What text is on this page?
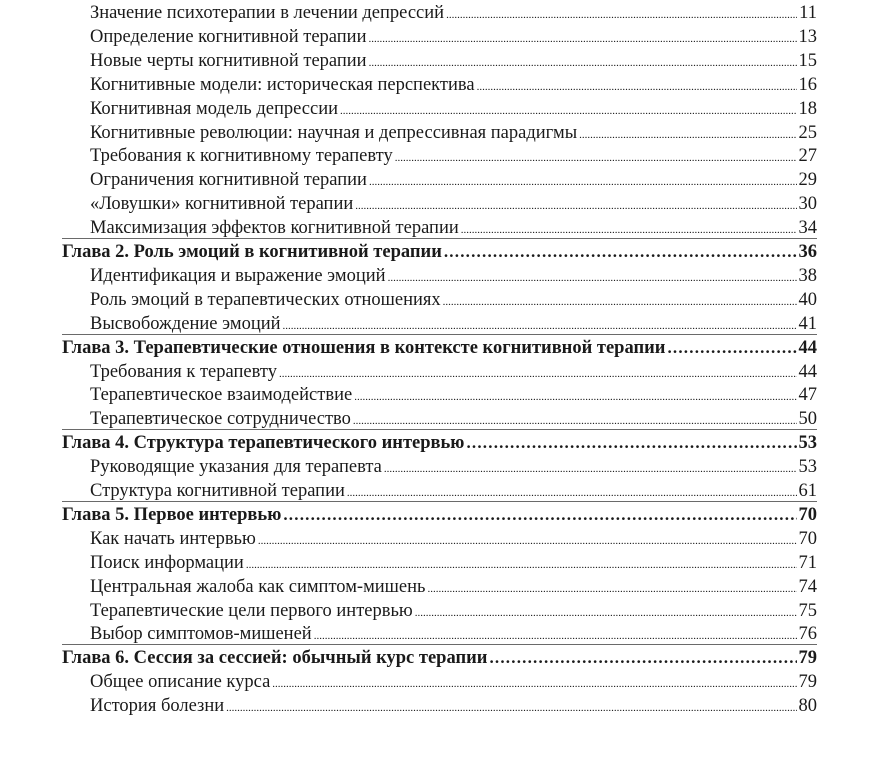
Значение психотерапии в лечении депрессий .....	11
Определение когнитивной терапии .....	13
Новые черты когнитивной терапии .....	15
Когнитивные модели: историческая перспектива .....	16
Когнитивная модель депрессии .....	18
Когнитивные революции: научная и депрессивная парадигмы .....	25
Требования к когнитивному терапевту .....	27
Ограничения когнитивной терапии .....	29
«Ловушки» когнитивной терапии .....	30
Максимизация эффектов когнитивной терапии .....	34
Глава 2. Роль эмоций в когнитивной терапии .....	36
Идентификация и выражение эмоций .....	38
Роль эмоций в терапевтических отношениях .....	40
Высвобождение эмоций .....	41
Глава 3. Терапевтические отношения в контексте когнитивной терапии .....	44
Требования к терапевту .....	44
Терапевтическое взаимодействие .....	47
Терапевтическое сотрудничество .....	50
Глава 4. Структура терапевтического интервью .....	53
Руководящие указания для терапевта .....	53
Структура когнитивной терапии .....	61
Глава 5. Первое интервью .....	70
Как начать интервью .....	70
Поиск информации .....	71
Центральная жалоба как симптом-мишень .....	74
Терапевтические цели первого интервью .....	75
Выбор симптомов-мишеней .....	76
Глава 6. Сессия за сессией: обычный курс терапии .....	79
Общее описание курса .....	79
История болезни .....	80
